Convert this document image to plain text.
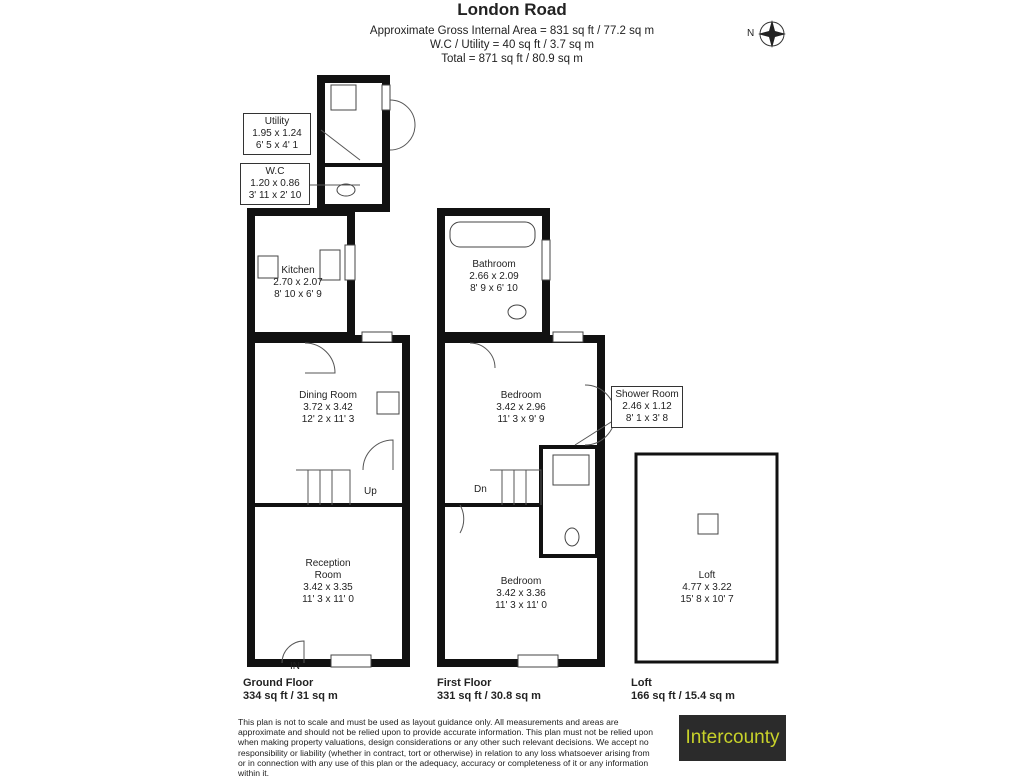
London Road
Approximate Gross Internal Area = 831 sq ft / 77.2 sq m
W.C / Utility = 40 sq ft / 3.7 sq m
Total = 871 sq ft / 80.9 sq m
N
Utility
1.95 x 1.24
6' 5 x 4' 1
W.C
1.20 x 0.86
3' 11 x 2' 10
Kitchen
2.70 x 2.07
8' 10 x 6' 9
Dining Room
3.72 x 3.42
12' 2 x 11' 3
Reception
Room
3.42 x 3.35
11' 3 x 11' 0
Bathroom
2.66 x 2.09
8' 9 x 6' 10
Bedroom
3.42 x 2.96
11' 3 x 9' 9
Shower Room
2.46 x 1.12
8' 1 x 3' 8
Bedroom
3.42 x 3.36
11' 3 x 11' 0
Loft
4.77 x 3.22
15' 8 x 10' 7
Up	Dn
IN
Ground Floor
334 sq ft / 31 sq m
First Floor
331 sq ft / 30.8 sq m
Loft
166 sq ft / 15.4 sq m
This plan is not to scale and must be used as layout guidance only. All measurements and areas are approximate and should not be relied upon to provide accurate information. This plan must not be relied upon when making property valuations, design considerations or any other such relevant decisions. We accept no responsibility or liability (whether in contract, tort or otherwise) in relation to any loss whatsoever arising from or in connection with any use of this plan or the adequacy, accuracy or completeness of it or any information within it.
Intercounty
